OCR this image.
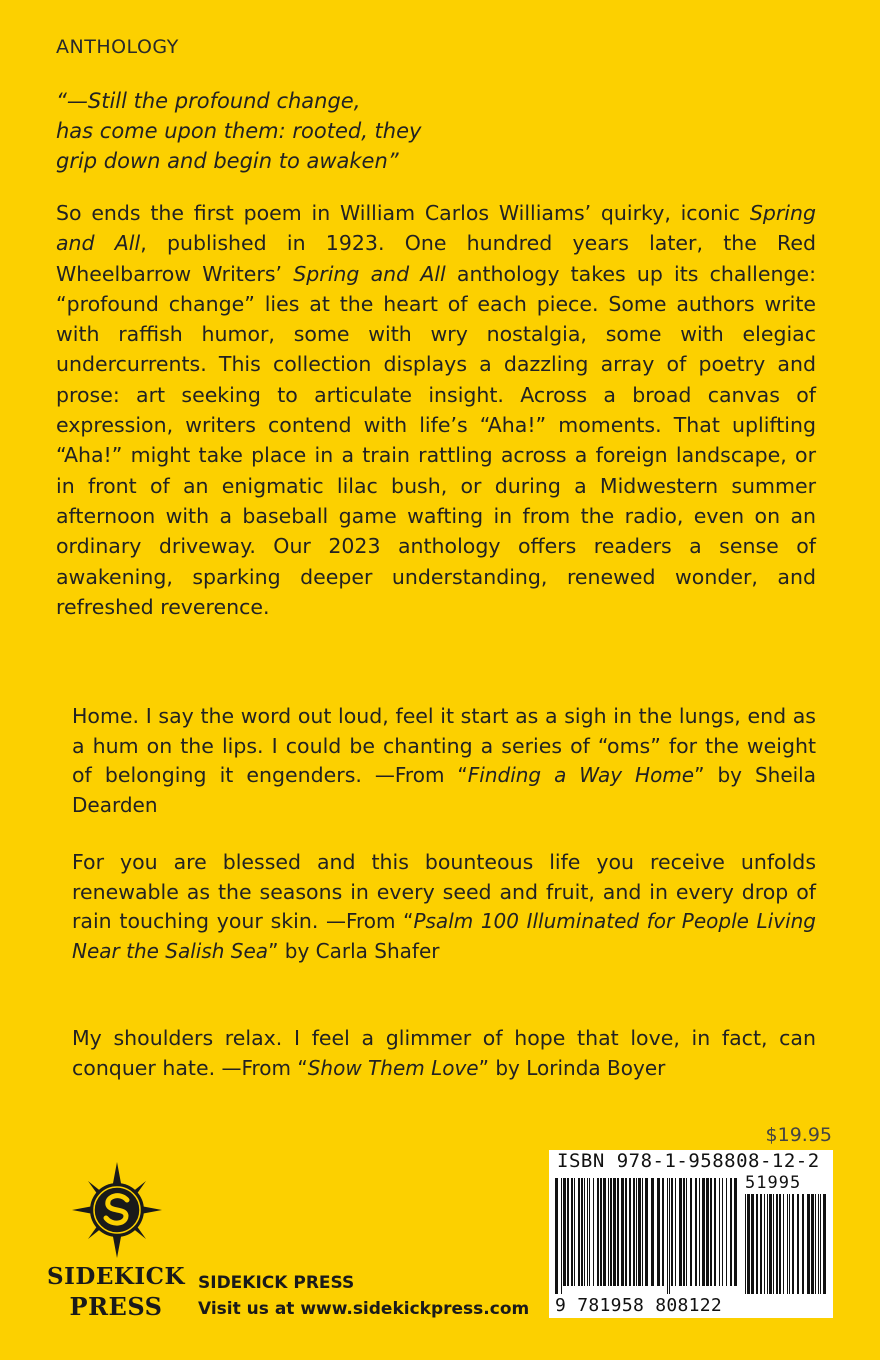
ANTHOLOGY
“—Still the profound change,
has come upon them: rooted, they
grip down and begin to awaken”
So ends the first poem in William Carlos Williams’ quirky, iconic Spring and All, published in 1923. One hundred years later, the Red Wheelbarrow Writers’ Spring and All anthology takes up its challenge: “profound change” lies at the heart of each piece. Some authors write with raffish humor, some with wry nostalgia, some with elegiac undercurrents. This collection displays a dazzling array of poetry and prose: art seeking to articulate insight. Across a broad canvas of expression, writers contend with life’s “Aha!” moments. That uplifting “Aha!” might take place in a train rattling across a foreign landscape, or in front of an enigmatic lilac bush, or during a Midwestern summer afternoon with a baseball game wafting in from the radio, even on an ordinary driveway. Our 2023 anthology offers readers a sense of awakening, sparking deeper understanding, renewed wonder, and refreshed reverence.
Home. I say the word out loud, feel it start as a sigh in the lungs, end as a hum on the lips. I could be chanting a series of “oms” for the weight of belonging it engenders. —From “Finding a Way Home” by Sheila Dearden
For you are blessed and this bounteous life you receive unfolds renewable as the seasons in every seed and fruit, and in every drop of rain touching your skin. —From “Psalm 100 Illuminated for People Living Near the Salish Sea” by Carla Shafer
My shoulders relax. I feel a glimmer of hope that love, in fact, can conquer hate. —From “Show Them Love” by Lorinda Boyer
$19.95
ISBN 978-1-958808-12-2
51995
9 781958 808122
SIDEKICK
PRESS
SIDEKICK PRESS
Visit us at www.sidekickpress.com
